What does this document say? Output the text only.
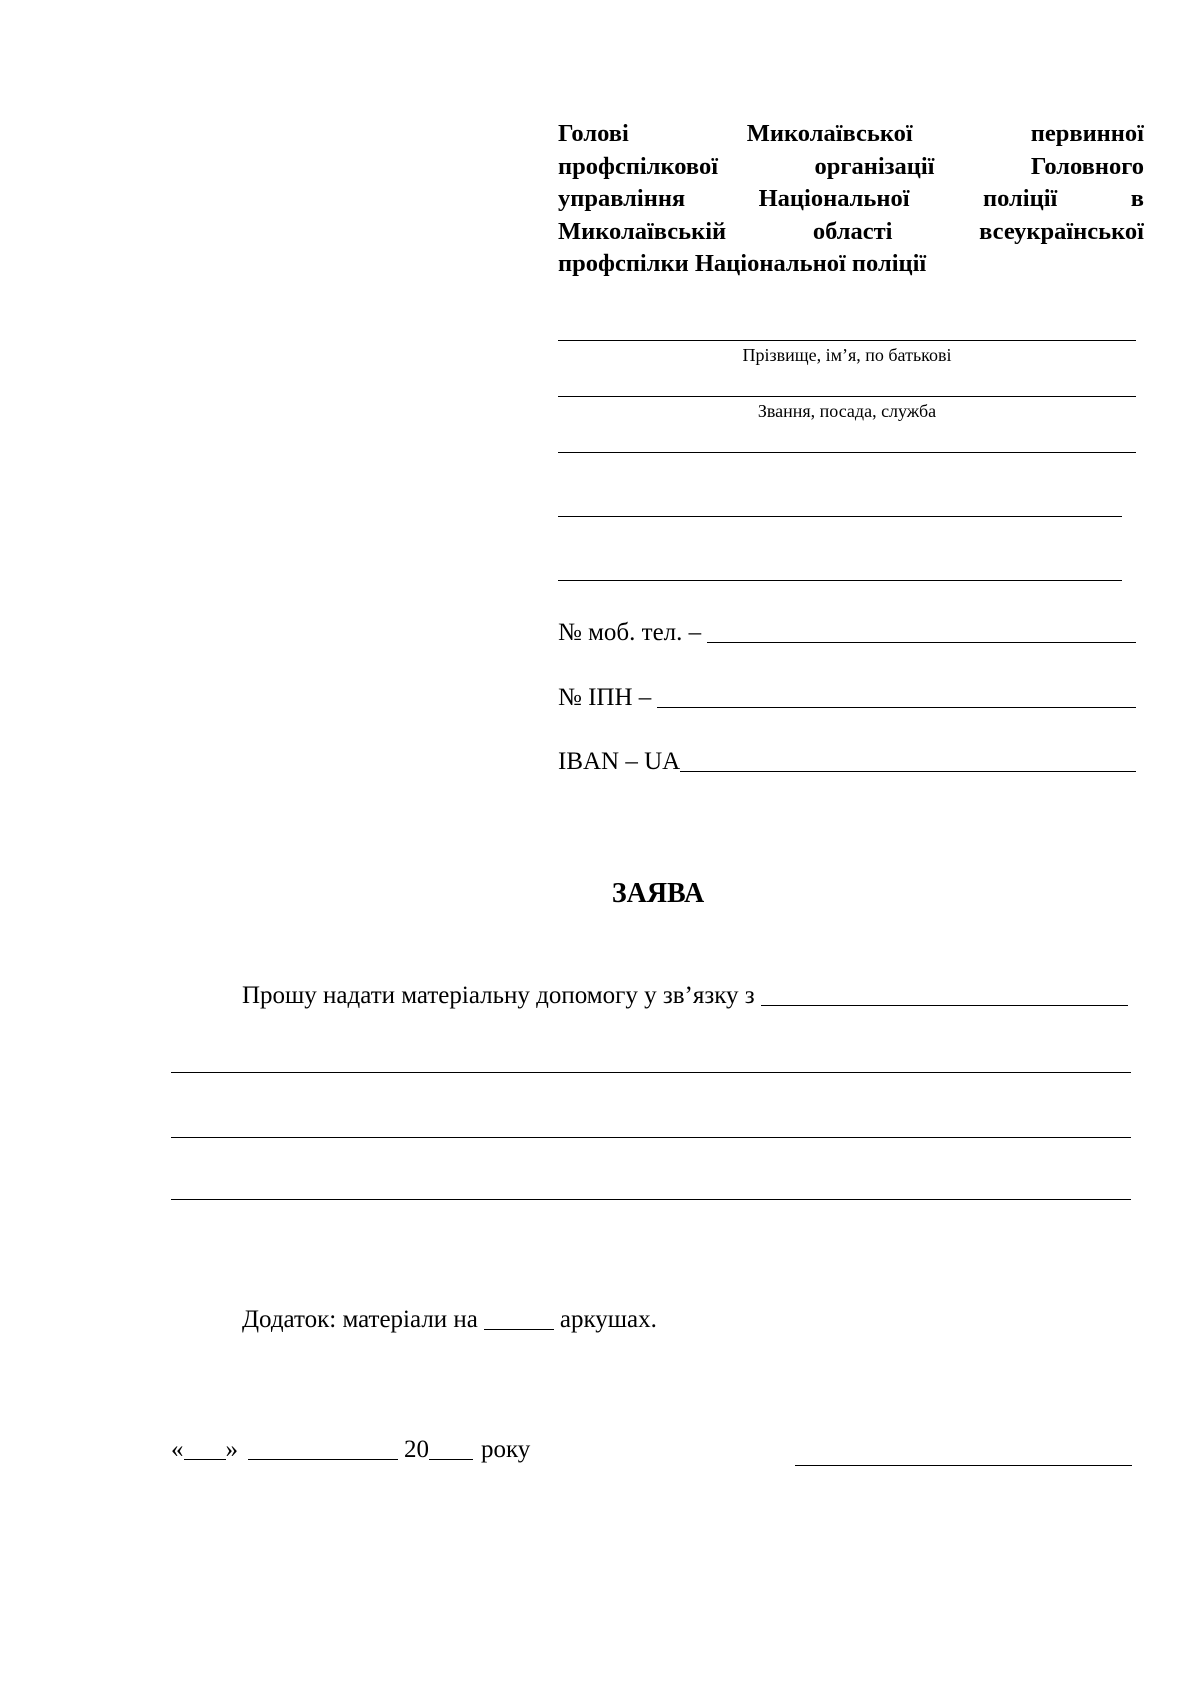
Голові	Миколаївської	первинної
профспілкової	організації	Головного
управління	Національної	поліції	в
Миколаївській	області	всеукраїнської
профспілки Національної поліції
Прізвище, ім’я, по батькові
Звання, посада, служба
№ моб. тел. –
№ ІПН –
IBAN – UA
ЗАЯВА
Прошу надати матеріальну допомогу у зв’язку з
Додаток: матеріали на	аркушах.
« »	20 року
